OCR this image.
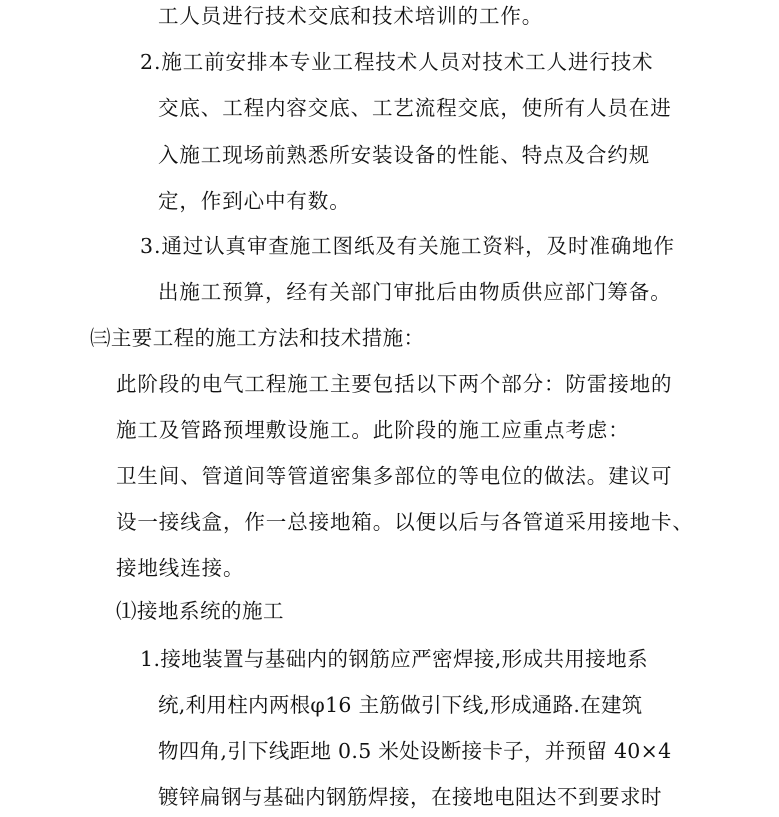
工人员进行技术交底和技术培训的工作。
2.施工前安排本专业工程技术人员对技术工人进行技术
交底、工程内容交底、工艺流程交底，使所有人员在进
入施工现场前熟悉所安装设备的性能、特点及合约规
定，作到心中有数。
3.通过认真审查施工图纸及有关施工资料，及时准确地作
出施工预算，经有关部门审批后由物质供应部门筹备。
㈢主要工程的施工方法和技术措施：
此阶段的电气工程施工主要包括以下两个部分：防雷接地的
施工及管路预埋敷设施工。此阶段的施工应重点考虑：
卫生间、管道间等管道密集多部位的等电位的做法。建议可
设一接线盒，作一总接地箱。以便以后与各管道采用接地卡、
接地线连接。
⑴接地系统的施工
1.接地装置与基础内的钢筋应严密焊接,形成共用接地系
统,利用柱内两根φ16 主筋做引下线,形成通路.在建筑
物四角,引下线距地 0.5 米处设断接卡子，并预留 40×4
镀锌扁钢与基础内钢筋焊接，在接地电阻达不到要求时
